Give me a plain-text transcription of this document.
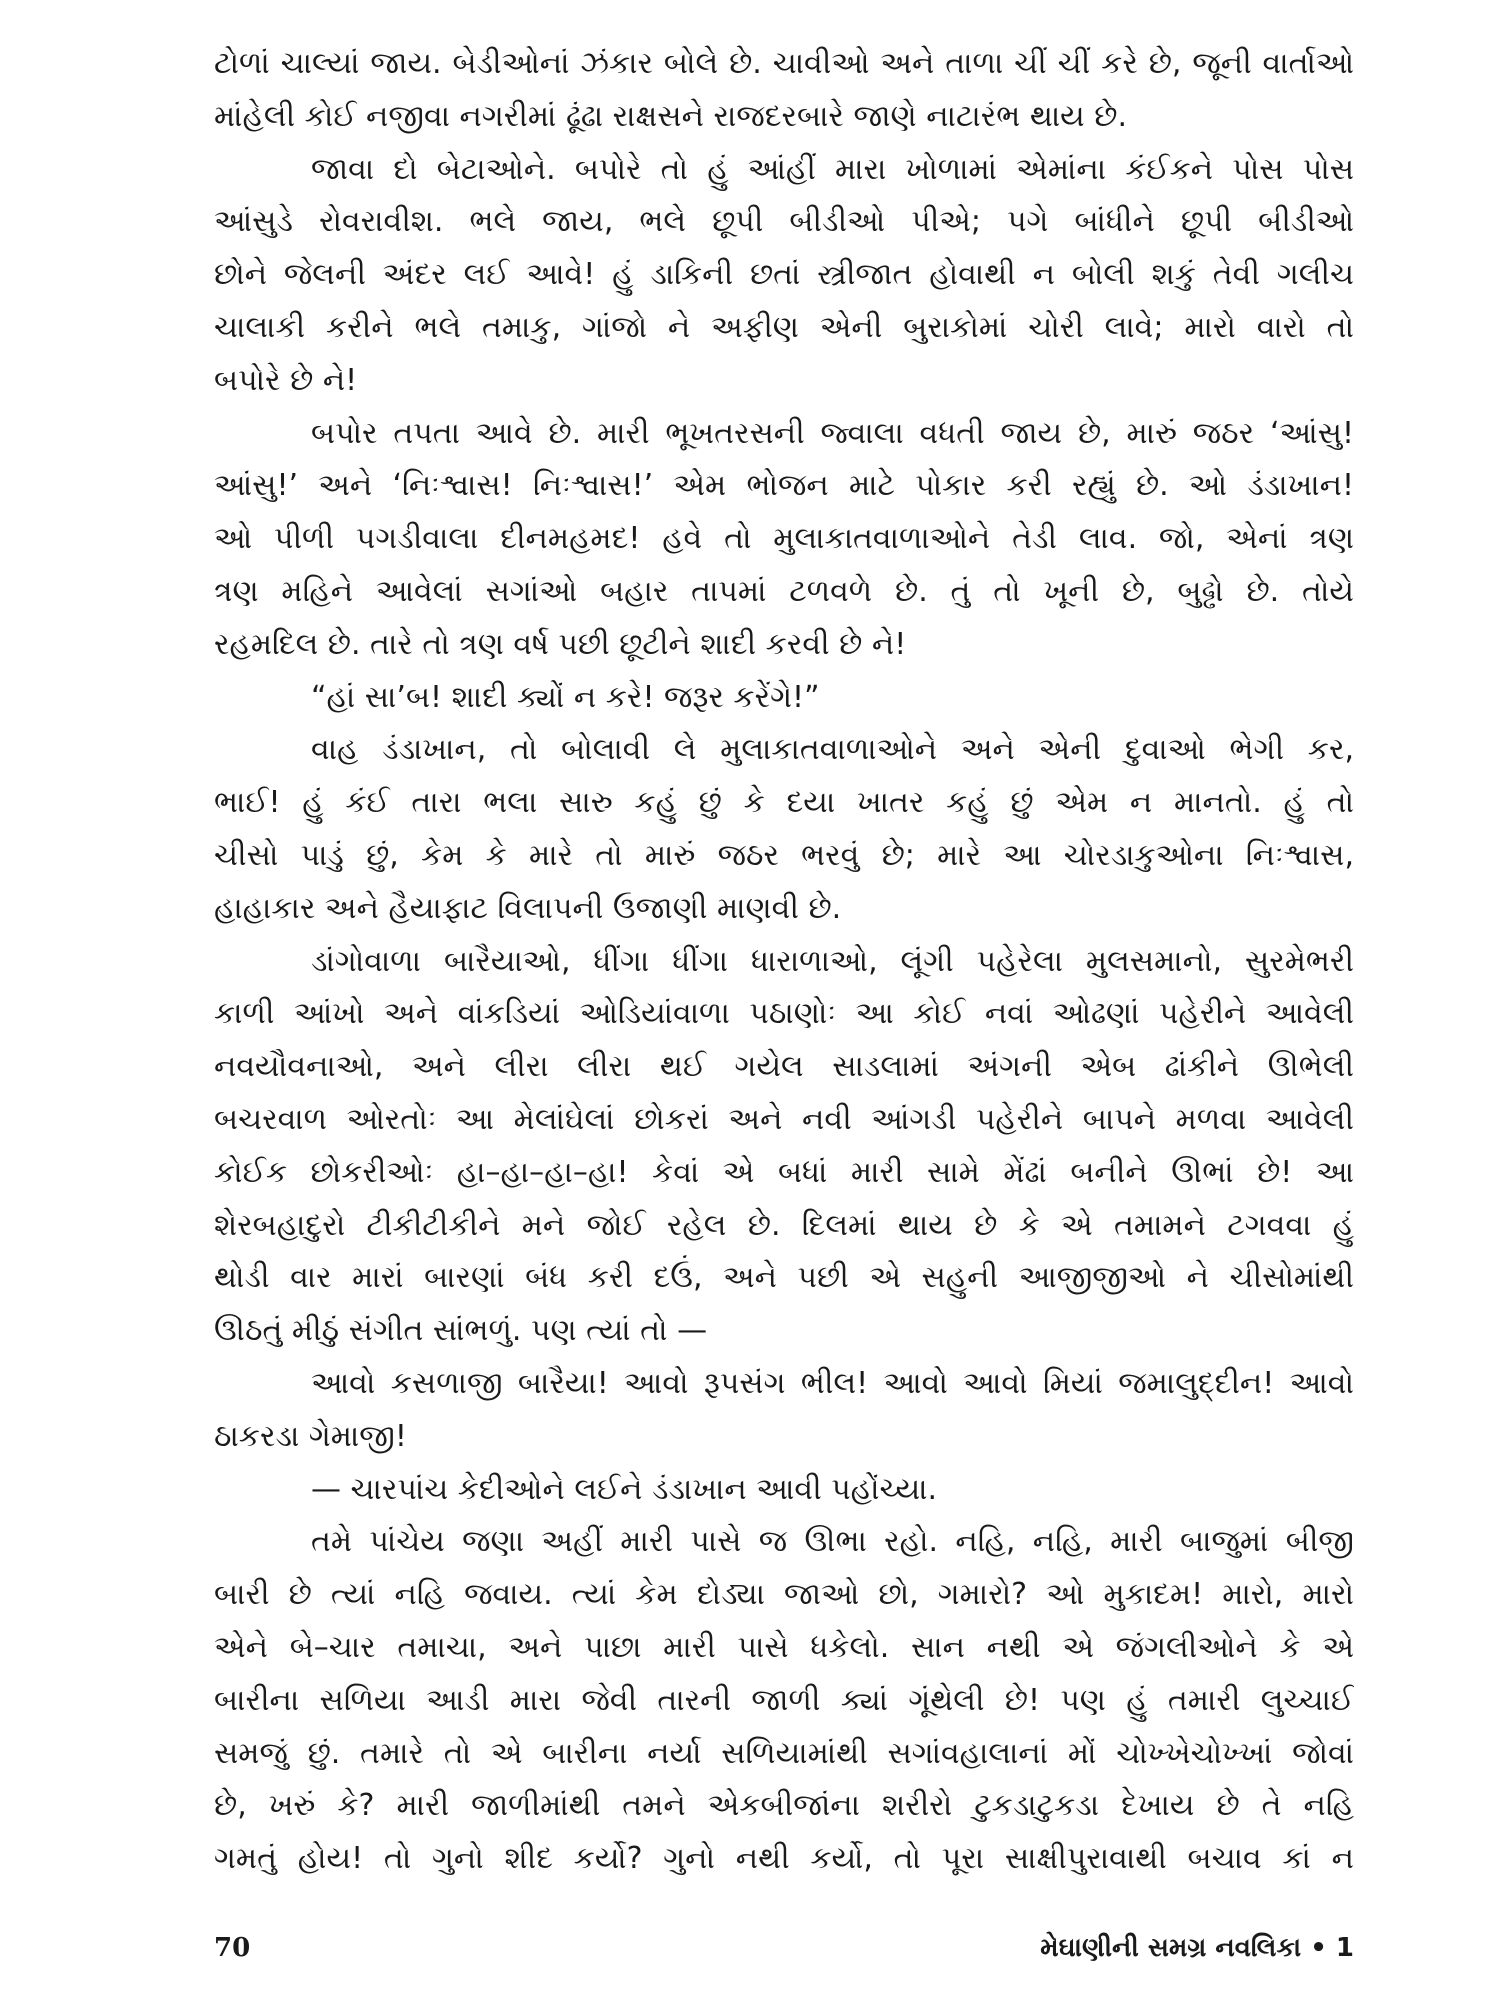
ટોળાં ચાલ્યાં જાય. બેડીઓનાં ઝંકાર બોલે છે. ચાવીઓ અને તાળા ચીં ચીં કરે છે, જૂની વાર્તાઓ
માંહેલી કોઈ નજીવા નગરીમાં ઢૂંઢા રાક્ષસને રાજદરબારે જાણે નાટારંભ થાય છે.
જાવા દો બેટાઓને. બપોરે તો હું આંહીં મારા ખોળામાં એમાંના કંઈકને પોસ પોસ
આંસુડે રોવરાવીશ. ભલે જાય, ભલે છૂપી બીડીઓ પીએ; પગે બાંધીને છૂપી બીડીઓ
છોને જેલની અંદર લઈ આવે! હું ડાકિની છતાં સ્ત્રીજાત હોવાથી ન બોલી શકું તેવી ગલીચ
ચાલાકી કરીને ભલે તમાકુ, ગાંજો ને અફીણ એની બુરાકોમાં ચોરી લાવે; મારો વારો તો
બપોરે છે ને!
બપોર તપતા આવે છે. મારી ભૂખતરસની જ્વાલા વધતી જાય છે, મારું જઠર ‘આંસુ!
આંસુ!’ અને ‘નિઃશ્વાસ! નિઃશ્વાસ!’ એમ ભોજન માટે પોકાર કરી રહ્યું છે. ઓ ડંડાખાન!
ઓ પીળી પગડીવાલા દીનમહમદ! હવે તો મુલાકાતવાળાઓને તેડી લાવ. જો, એનાં ત્રણ
ત્રણ મહિને આવેલાં સગાંઓ બહાર તાપમાં ટળવળે છે. તું તો ખૂની છે, બુઢ્ઢો છે. તોયે
રહમદિલ છે. તારે તો ત્રણ વર્ષ પછી છૂટીને શાદી કરવી છે ને!
“હાં સા’બ! શાદી ક્યોં ન કરે! જરૂર કરેંગે!”
વાહ ડંડાખાન, તો બોલાવી લે મુલાકાતવાળાઓને અને એની દુવાઓ ભેગી કર,
ભાઈ! હું કંઈ તારા ભલા સારુ કહું છું કે દયા ખાતર કહું છું એમ ન માનતો. હું તો
ચીસો પાડું છું, કેમ કે મારે તો મારું જઠર ભરવું છે; મારે આ ચોરડાકુઓના નિઃશ્વાસ,
હાહાકાર અને હૈયાફાટ વિલાપની ઉજાણી માણવી છે.
ડાંગોવાળા બારૈયાઓ, ધીંગા ધીંગા ધારાળાઓ, લૂંગી પહેરેલા મુલસમાનો, સુરમેભરી
કાળી આંખો અને વાંકડિયાં ઓડિયાંવાળા પઠાણોઃ આ કોઈ નવાં ઓઢણાં પહેરીને આવેલી
નવયૌવનાઓ, અને લીરા લીરા થઈ ગયેલ સાડલામાં અંગની એબ ઢાંકીને ઊભેલી
બચરવાળ ઓરતોઃ આ મેલાંઘેલાં છોકરાં અને નવી આંગડી પહેરીને બાપને મળવા આવેલી
કોઈક છોકરીઓઃ હા–હા–હા–હા! કેવાં એ બધાં મારી સામે મેંઢાં બનીને ઊભાં છે! આ
શેરબહાદુરો ટીકીટીકીને મને જોઈ રહેલ છે. દિલમાં થાય છે કે એ તમામને ટગવવા હું
થોડી વાર મારાં બારણાં બંધ કરી દઉં, અને પછી એ સહુની આજીજીઓ ને ચીસોમાંથી
ઊઠતું મીઠું સંગીત સાંભળું. પણ ત્યાં તો —
આવો કસળાજી બારૈયા! આવો રૂપસંગ ભીલ! આવો આવો મિયાં જમાલુદ્દીન! આવો
ઠાકરડા ગેમાજી!
— ચારપાંચ કેદીઓને લઈને ડંડાખાન આવી પહોંચ્યા.
તમે પાંચેય જણા અહીં મારી પાસે જ ઊભા રહો. નહિ, નહિ, મારી બાજુમાં બીજી
બારી છે ત્યાં નહિ જવાય. ત્યાં કેમ દોડ્યા જાઓ છો, ગમારો? ઓ મુકાદમ! મારો, મારો
એને બે–ચાર તમાચા, અને પાછા મારી પાસે ધકેલો. સાન નથી એ જંગલીઓને કે એ
બારીના સળિયા આડી મારા જેવી તારની જાળી ક્યાં ગૂંથેલી છે! પણ હું તમારી લુચ્ચાઈ
સમજું છું. તમારે તો એ બારીના નર્યા સળિયામાંથી સગાંવહાલાનાં મોં ચોખ્ખેચોખ્ખાં જોવાં
છે, ખરું કે? મારી જાળીમાંથી તમને એકબીજાંના શરીરો ટુકડાટુકડા દેખાય છે તે નહિ
ગમતું હોય! તો ગુનો શીદ કર્યો? ગુનો નથી કર્યો, તો પૂરા સાક્ષીપુરાવાથી બચાવ કાં ન
70	મેઘાણીની સમગ્ર નવલિકા • 1
